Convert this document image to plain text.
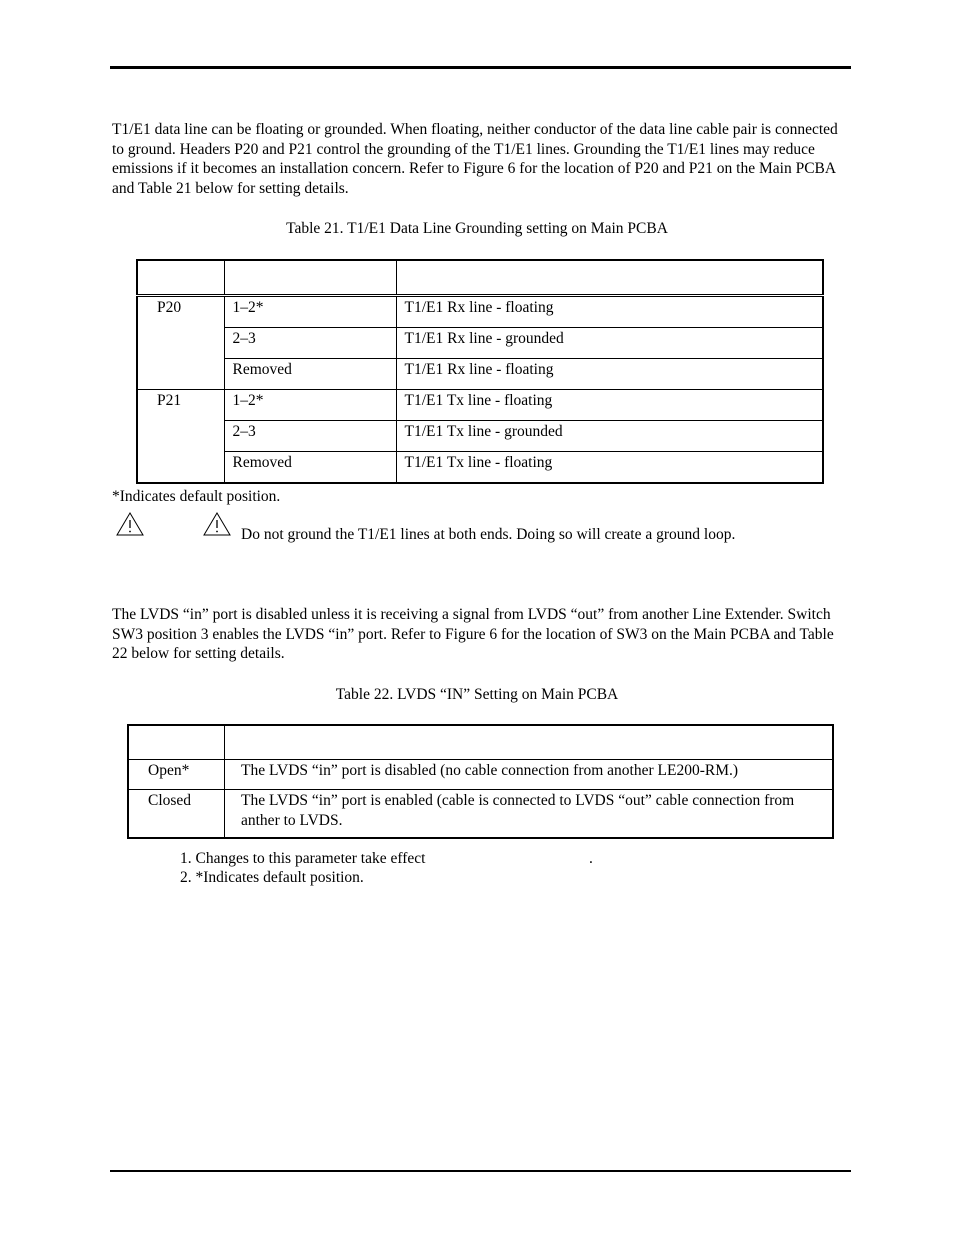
T1/E1 data line can be floating or grounded. When floating, neither conductor of the data line cable pair is connected to ground. Headers P20 and P21 control the grounding of the T1/E1 lines. Grounding the T1/E1 lines may reduce emissions if it becomes an installation concern. Refer to Figure 6 for the location of P20 and P21 on the Main PCBA and Table 21 below for setting details.

Table 21. T1/E1 Data Line Grounding setting on Main PCBA

P20	1–2*	T1/E1 Rx line - floating
	2–3	T1/E1 Rx line - grounded
	Removed	T1/E1 Rx line - floating
P21	1–2*	T1/E1 Tx line - floating
	2–3	T1/E1 Tx line - grounded
	Removed	T1/E1 Tx line - floating
*Indicates default position.
Do not ground the T1/E1 lines at both ends. Doing so will create a ground loop.

The LVDS “in” port is disabled unless it is receiving a signal from LVDS “out” from another Line Extender. Switch SW3 position 3 enables the LVDS “in” port. Refer to Figure 6 for the location of SW3 on the Main PCBA and Table 22 below for setting details.

Table 22. LVDS “IN” Setting on Main PCBA

Open*	The LVDS “in” port is disabled (no cable connection from another LE200-RM.)
Closed	The LVDS “in” port is enabled (cable is connected to LVDS “out” cable connection from anther to LVDS.
1. Changes to this parameter take effect	.
2. *Indicates default position.
